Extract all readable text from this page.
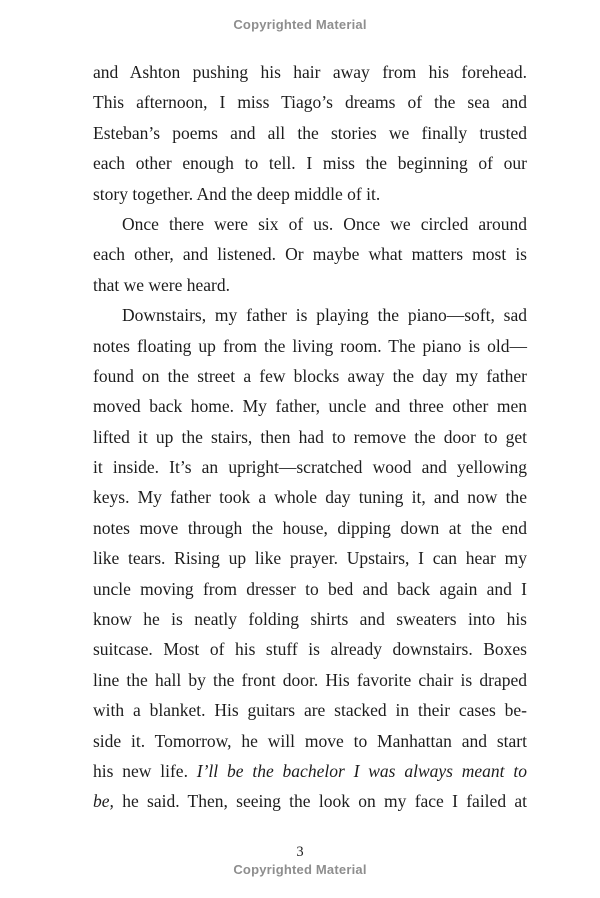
Copyrighted Material
and Ashton pushing his hair away from his forehead.
This afternoon, I miss Tiago’s dreams of the sea and
Esteban’s poems and all the stories we finally trusted
each other enough to tell. I miss the beginning of our
story together. And the deep middle of it.
Once there were six of us. Once we circled around
each other, and listened. Or maybe what matters most is
that we were heard.
Downstairs, my father is playing the piano—soft, sad
notes floating up from the living room. The piano is old—
found on the street a few blocks away the day my father
moved back home. My father, uncle and three other men
lifted it up the stairs, then had to remove the door to get
it inside. It’s an upright—scratched wood and yellowing
keys. My father took a whole day tuning it, and now the
notes move through the house, dipping down at the end
like tears. Rising up like prayer. Upstairs, I can hear my
uncle moving from dresser to bed and back again and I
know he is neatly folding shirts and sweaters into his
suitcase. Most of his stuff is already downstairs. Boxes
line the hall by the front door. His favorite chair is draped
with a blanket. His guitars are stacked in their cases be-
side it. Tomorrow, he will move to Manhattan and start
his new life. I’ll be the bachelor I was always meant to
be, he said. Then, seeing the look on my face I failed at
3
Copyrighted Material
